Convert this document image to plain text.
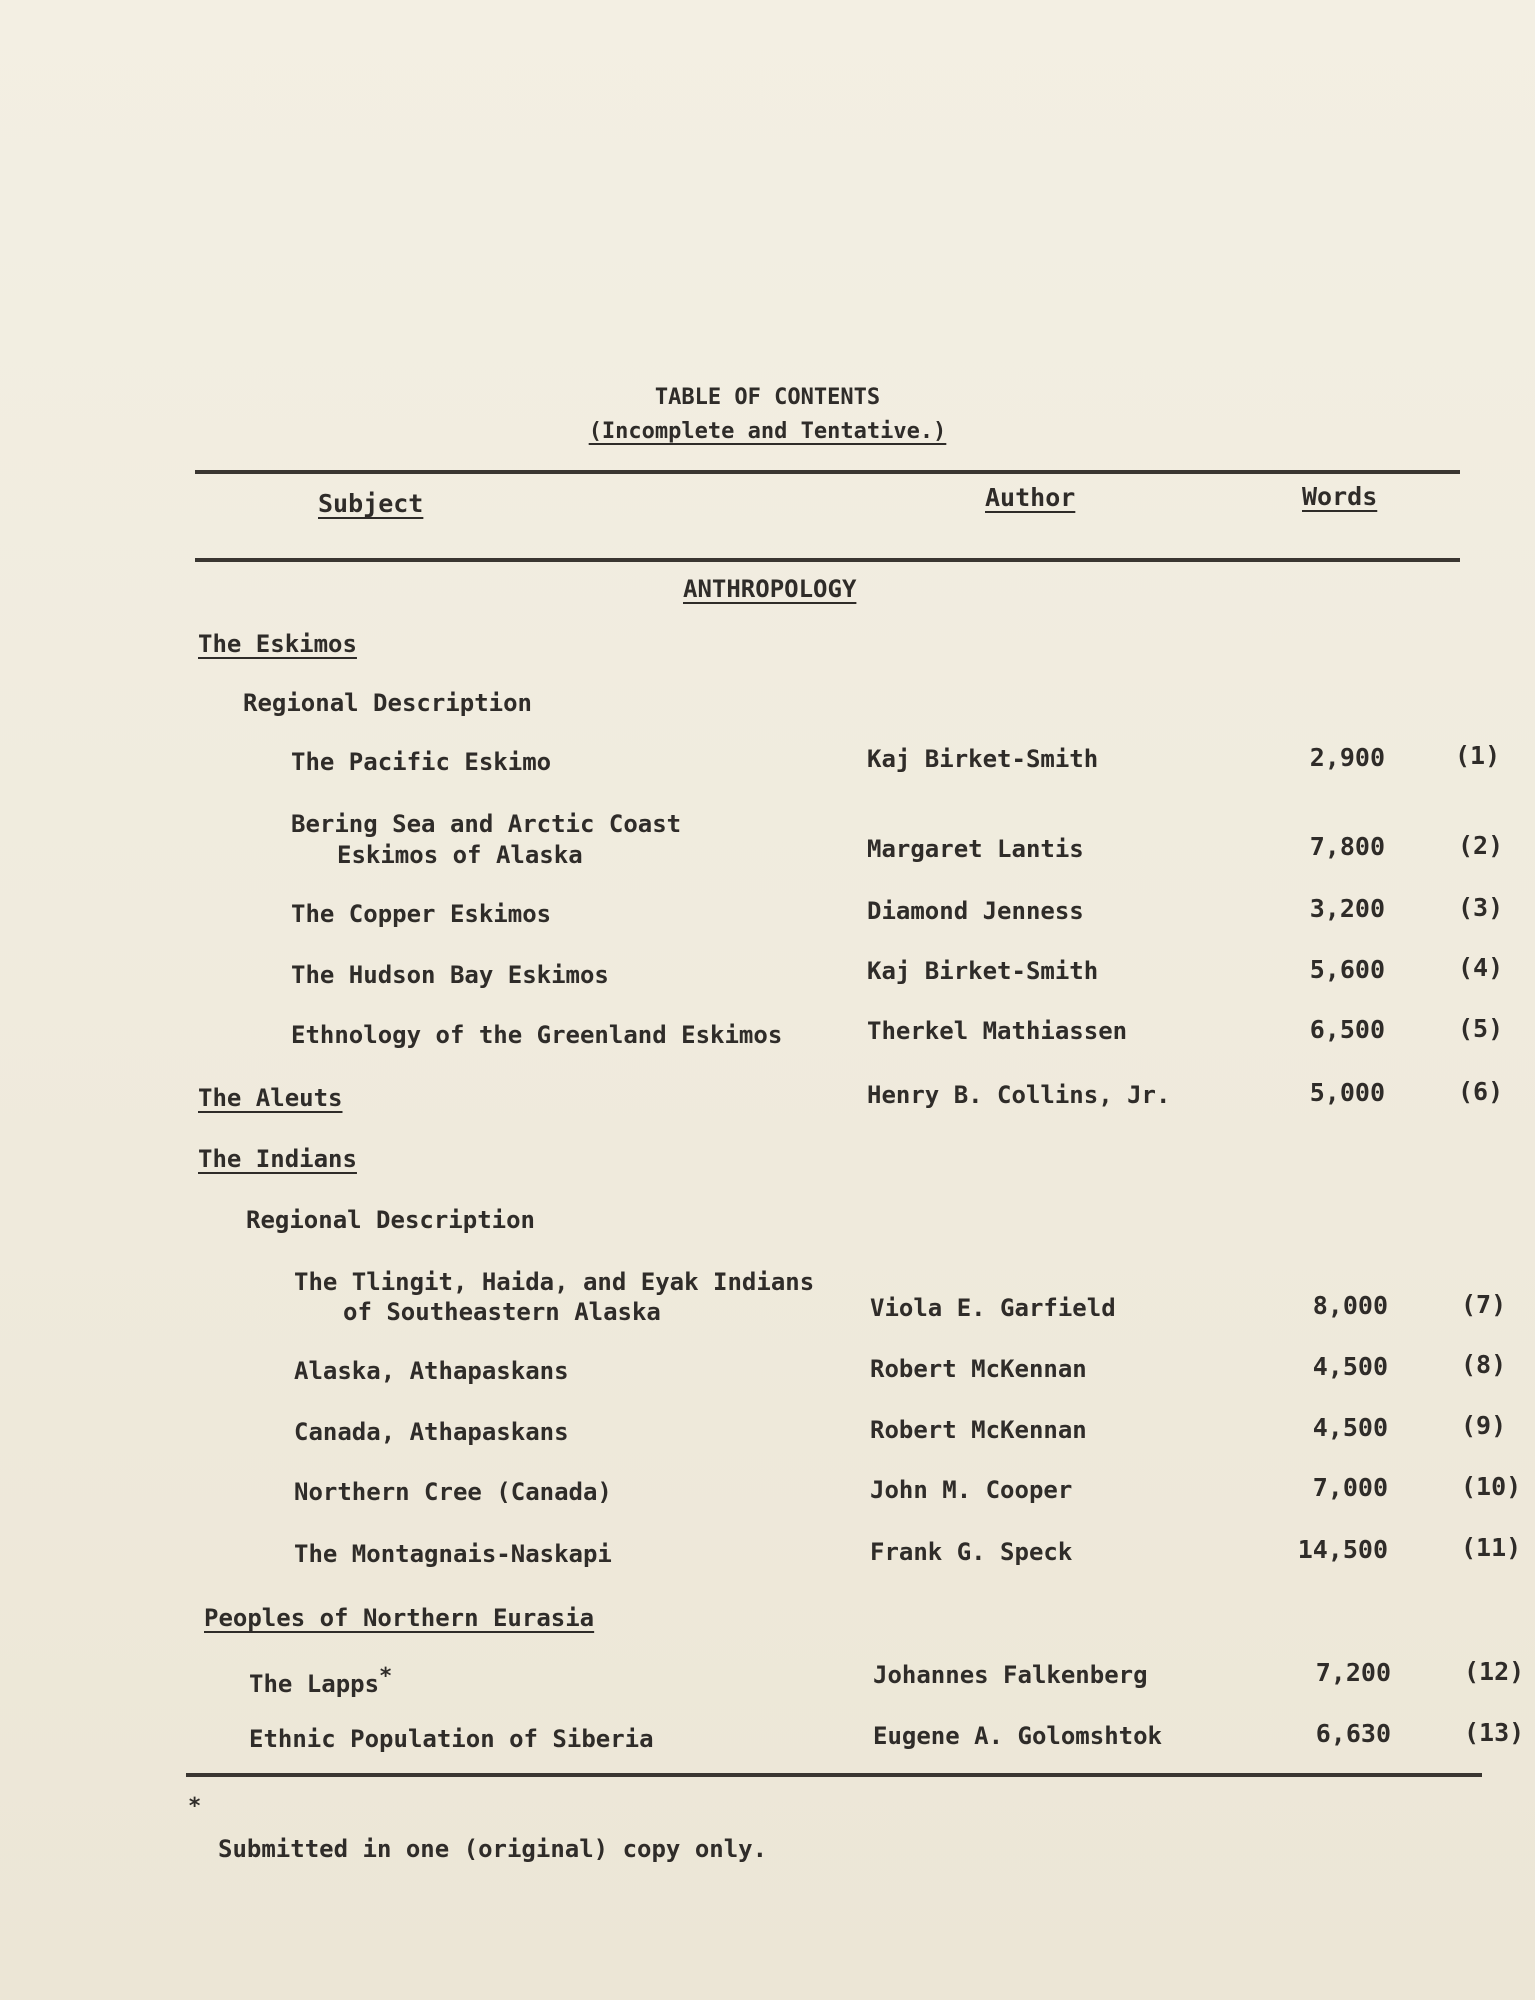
TABLE OF CONTENTS
(Incomplete and Tentative.)
Subject	Author	Words
ANTHROPOLOGY
The Eskimos
Regional Description
The Pacific Eskimo	Kaj Birket-Smith	2,900	(1)
Bering Sea and Arctic Coast
Eskimos of Alaska	Margaret Lantis	7,800	(2)
The Copper Eskimos	Diamond Jenness	3,200	(3)
The Hudson Bay Eskimos	Kaj Birket-Smith	5,600	(4)
Ethnology of the Greenland Eskimos	Therkel Mathiassen	6,500	(5)
The Aleuts	Henry B. Collins, Jr.	5,000	(6)
The Indians
Regional Description
The Tlingit, Haida, and Eyak Indians
of Southeastern Alaska	Viola E. Garfield	8,000	(7)
Alaska, Athapaskans	Robert McKennan	4,500	(8)
Canada, Athapaskans	Robert McKennan	4,500	(9)
Northern Cree (Canada)	John M. Cooper	7,000	(10)
The Montagnais-Naskapi	Frank G. Speck	14,500	(11)
Peoples of Northern Eurasia
The Lapps*	Johannes Falkenberg	7,200	(12)
Ethnic Population of Siberia	Eugene A. Golomshtok	6,630	(13)
*
Submitted in one (original) copy only.
